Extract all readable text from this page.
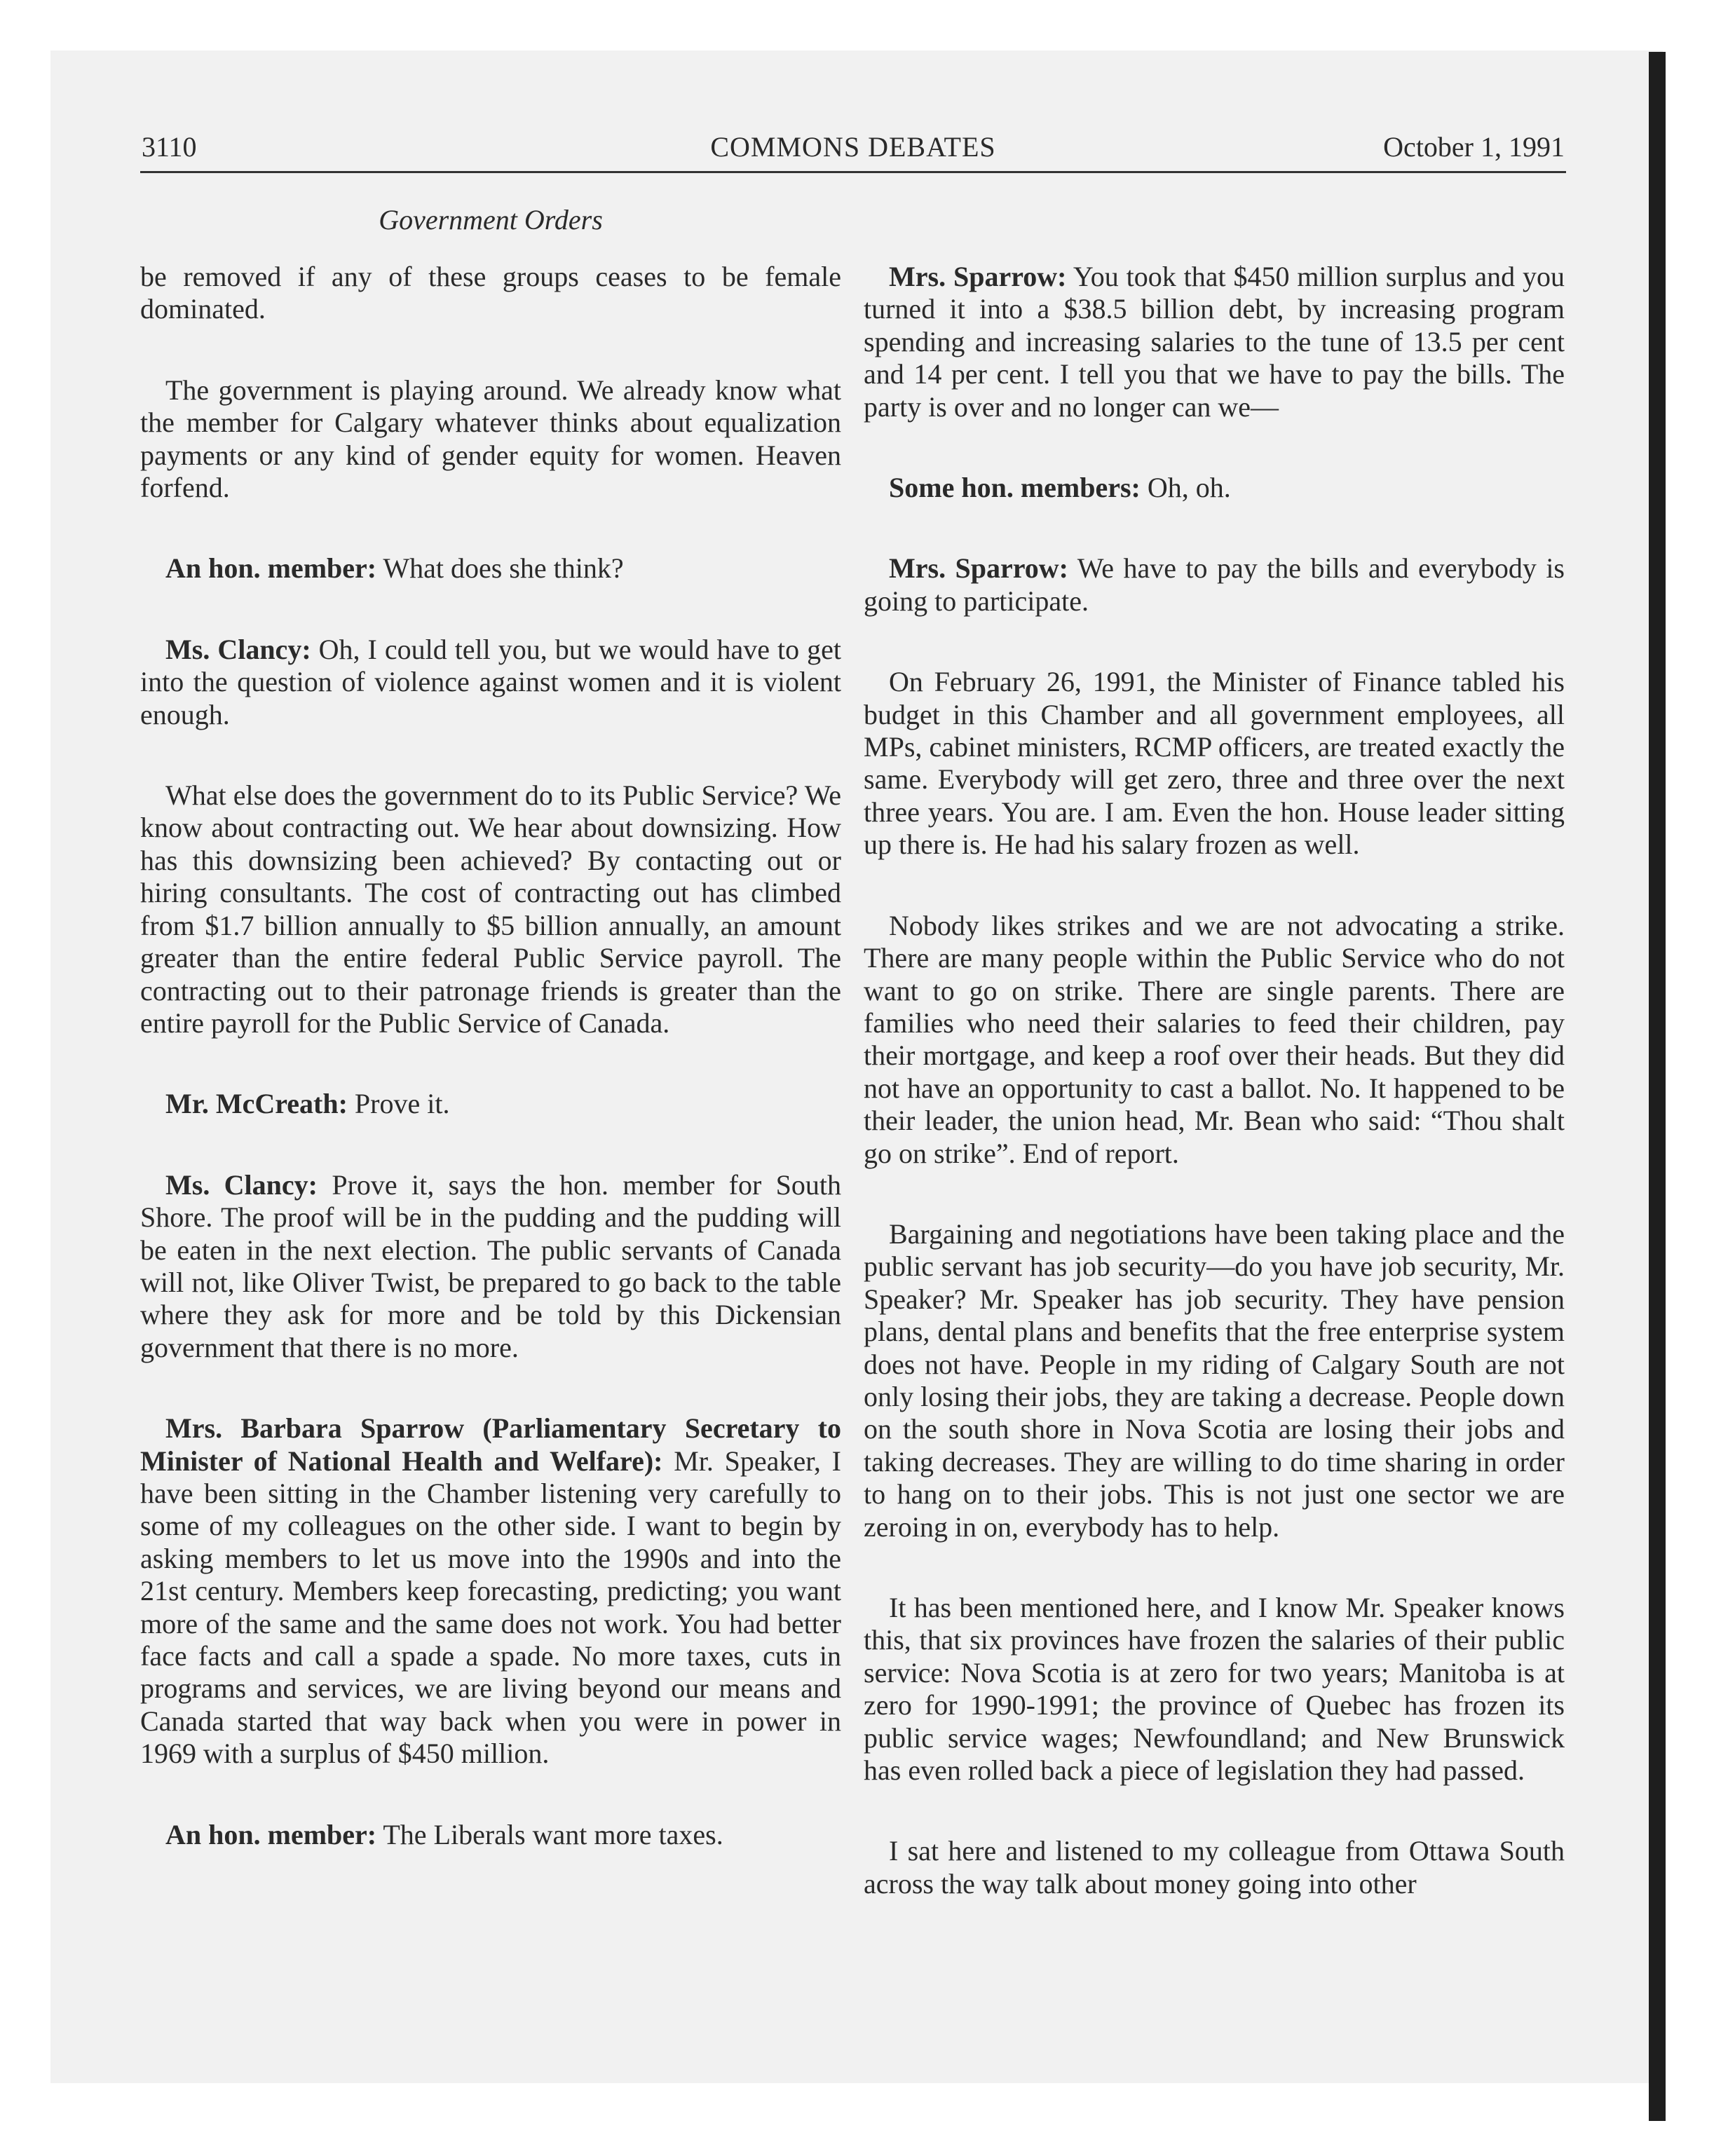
3110	COMMONS DEBATES	October 1, 1991
Government Orders

be removed if any of these groups ceases to be female dominated.

The government is playing around. We already know what the member for Calgary whatever thinks about equalization payments or any kind of gender equity for women. Heaven forfend.

An hon. member: What does she think?

Ms. Clancy: Oh, I could tell you, but we would have to get into the question of violence against women and it is violent enough.

What else does the government do to its Public Service? We know about contracting out. We hear about downsizing. How has this downsizing been achieved? By contacting out or hiring consultants. The cost of contracting out has climbed from $1.7 billion annually to $5 billion annually, an amount greater than the entire federal Public Service payroll. The contracting out to their patronage friends is greater than the entire payroll for the Public Service of Canada.

Mr. McCreath: Prove it.

Ms. Clancy: Prove it, says the hon. member for South Shore. The proof will be in the pudding and the pudding will be eaten in the next election. The public servants of Canada will not, like Oliver Twist, be prepared to go back to the table where they ask for more and be told by this Dickensian government that there is no more.

Mrs. Barbara Sparrow (Parliamentary Secretary to Minister of National Health and Welfare): Mr. Speaker, I have been sitting in the Chamber listening very carefully to some of my colleagues on the other side. I want to begin by asking members to let us move into the 1990s and into the 21st century. Members keep forecasting, predicting; you want more of the same and the same does not work. You had better face facts and call a spade a spade. No more taxes, cuts in programs and services, we are living beyond our means and Canada started that way back when you were in power in 1969 with a surplus of $450 million.

An hon. member: The Liberals want more taxes.

Mrs. Sparrow: You took that $450 million surplus and you turned it into a $38.5 billion debt, by increasing program spending and increasing salaries to the tune of 13.5 per cent and 14 per cent. I tell you that we have to pay the bills. The party is over and no longer can we—

Some hon. members: Oh, oh.

Mrs. Sparrow: We have to pay the bills and everybody is going to participate.

On February 26, 1991, the Minister of Finance tabled his budget in this Chamber and all government employees, all MPs, cabinet ministers, RCMP officers, are treated exactly the same. Everybody will get zero, three and three over the next three years. You are. I am. Even the hon. House leader sitting up there is. He had his salary frozen as well.

Nobody likes strikes and we are not advocating a strike. There are many people within the Public Service who do not want to go on strike. There are single parents. There are families who need their salaries to feed their children, pay their mortgage, and keep a roof over their heads. But they did not have an opportunity to cast a ballot. No. It happened to be their leader, the union head, Mr. Bean who said: “Thou shalt go on strike”. End of report.

Bargaining and negotiations have been taking place and the public servant has job security—do you have job security, Mr. Speaker? Mr. Speaker has job security. They have pension plans, dental plans and benefits that the free enterprise system does not have. People in my riding of Calgary South are not only losing their jobs, they are taking a decrease. People down on the south shore in Nova Scotia are losing their jobs and taking decreases. They are willing to do time sharing in order to hang on to their jobs. This is not just one sector we are zeroing in on, everybody has to help.

It has been mentioned here, and I know Mr. Speaker knows this, that six provinces have frozen the salaries of their public service: Nova Scotia is at zero for two years; Manitoba is at zero for 1990-1991; the province of Quebec has frozen its public service wages; Newfoundland; and New Brunswick has even rolled back a piece of legislation they had passed.

I sat here and listened to my colleague from Ottawa South across the way talk about money going into other
